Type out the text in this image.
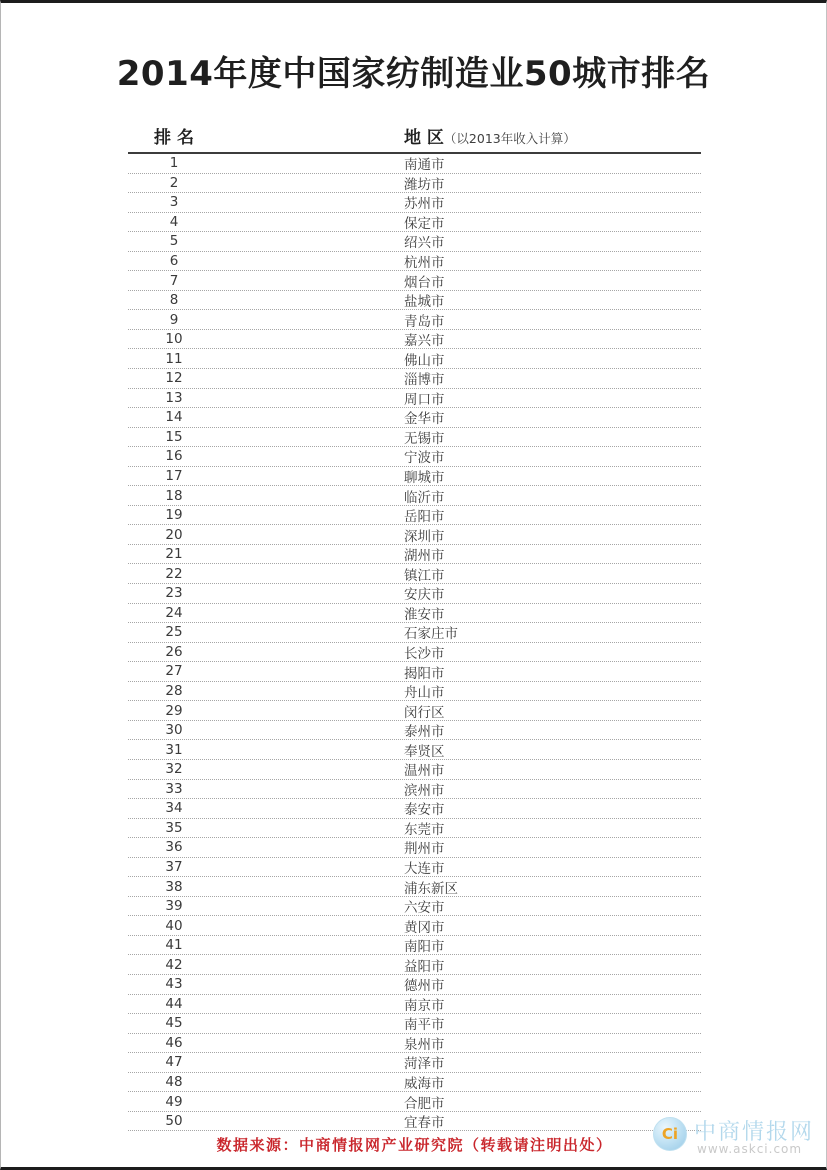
2014年度中国家纺制造业50城市排名
排 名	地 区（以2013年收入计算）
1	南通市
2	潍坊市
3	苏州市
4	保定市
5	绍兴市
6	杭州市
7	烟台市
8	盐城市
9	青岛市
10	嘉兴市
11	佛山市
12	淄博市
13	周口市
14	金华市
15	无锡市
16	宁波市
17	聊城市
18	临沂市
19	岳阳市
20	深圳市
21	湖州市
22	镇江市
23	安庆市
24	淮安市
25	石家庄市
26	长沙市
27	揭阳市
28	舟山市
29	闵行区
30	泰州市
31	奉贤区
32	温州市
33	滨州市
34	泰安市
35	东莞市
36	荆州市
37	大连市
38	浦东新区
39	六安市
40	黄冈市
41	南阳市
42	益阳市
43	德州市
44	南京市
45	南平市
46	泉州市
47	菏泽市
48	威海市
49	合肥市
50	宜春市
数据来源：中商情报网产业研究院（转载请注明出处）
Ci 中商情报网
www.askci.com
